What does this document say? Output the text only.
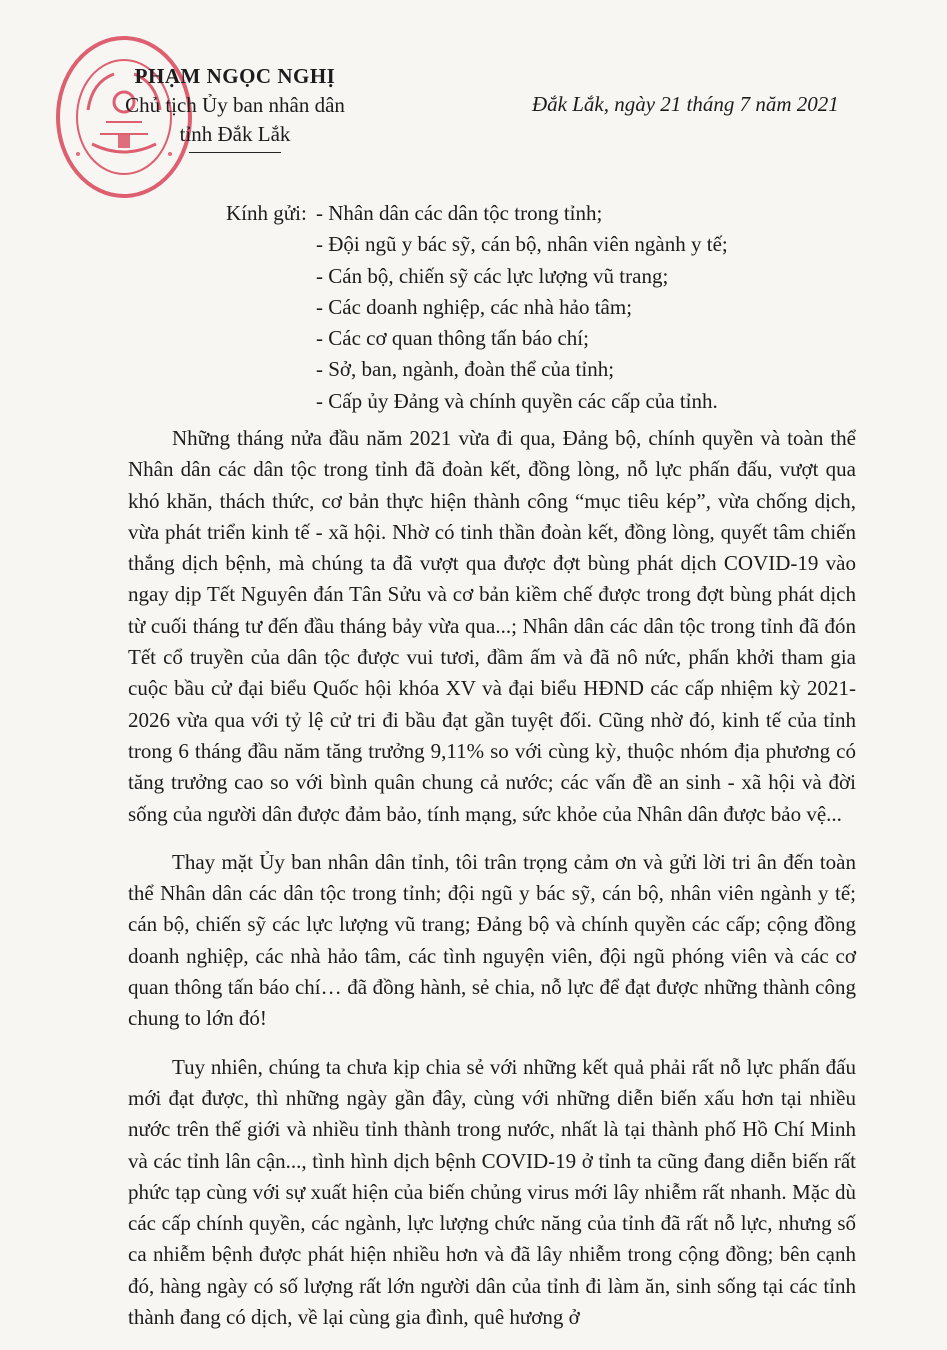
PHẠM NGỌC NGHỊ
Chủ tịch Ủy ban nhân dân
tỉnh Đắk Lắk
Đắk Lắk, ngày 21 tháng 7 năm 2021
Kính gửi: - Nhân dân các dân tộc trong tỉnh;
- Đội ngũ y bác sỹ, cán bộ, nhân viên ngành y tế;
- Cán bộ, chiến sỹ các lực lượng vũ trang;
- Các doanh nghiệp, các nhà hảo tâm;
- Các cơ quan thông tấn báo chí;
- Sở, ban, ngành, đoàn thể của tỉnh;
- Cấp ủy Đảng và chính quyền các cấp của tỉnh.

Những tháng nửa đầu năm 2021 vừa đi qua, Đảng bộ, chính quyền và toàn thể Nhân dân các dân tộc trong tỉnh đã đoàn kết, đồng lòng, nỗ lực phấn đấu, vượt qua khó khăn, thách thức, cơ bản thực hiện thành công “mục tiêu kép”, vừa chống dịch, vừa phát triển kinh tế - xã hội. Nhờ có tinh thần đoàn kết, đồng lòng, quyết tâm chiến thắng dịch bệnh, mà chúng ta đã vượt qua được đợt bùng phát dịch COVID-19 vào ngay dịp Tết Nguyên đán Tân Sửu và cơ bản kiềm chế được trong đợt bùng phát dịch từ cuối tháng tư đến đầu tháng bảy vừa qua...; Nhân dân các dân tộc trong tỉnh đã đón Tết cổ truyền của dân tộc được vui tươi, đầm ấm và đã nô nức, phấn khởi tham gia cuộc bầu cử đại biểu Quốc hội khóa XV và đại biểu HĐND các cấp nhiệm kỳ 2021-2026 vừa qua với tỷ lệ cử tri đi bầu đạt gần tuyệt đối. Cũng nhờ đó, kinh tế của tỉnh trong 6 tháng đầu năm tăng trưởng 9,11% so với cùng kỳ, thuộc nhóm địa phương có tăng trưởng cao so với bình quân chung cả nước; các vấn đề an sinh - xã hội và đời sống của người dân được đảm bảo, tính mạng, sức khỏe của Nhân dân được bảo vệ...

Thay mặt Ủy ban nhân dân tỉnh, tôi trân trọng cảm ơn và gửi lời tri ân đến toàn thể Nhân dân các dân tộc trong tỉnh; đội ngũ y bác sỹ, cán bộ, nhân viên ngành y tế; cán bộ, chiến sỹ các lực lượng vũ trang; Đảng bộ và chính quyền các cấp; cộng đồng doanh nghiệp, các nhà hảo tâm, các tình nguyện viên, đội ngũ phóng viên và các cơ quan thông tấn báo chí… đã đồng hành, sẻ chia, nỗ lực để đạt được những thành công chung to lớn đó!

Tuy nhiên, chúng ta chưa kịp chia sẻ với những kết quả phải rất nỗ lực phấn đấu mới đạt được, thì những ngày gần đây, cùng với những diễn biến xấu hơn tại nhiều nước trên thế giới và nhiều tỉnh thành trong nước, nhất là tại thành phố Hồ Chí Minh và các tỉnh lân cận..., tình hình dịch bệnh COVID-19 ở tỉnh ta cũng đang diễn biến rất phức tạp cùng với sự xuất hiện của biến chủng virus mới lây nhiễm rất nhanh. Mặc dù các cấp chính quyền, các ngành, lực lượng chức năng của tỉnh đã rất nỗ lực, nhưng số ca nhiễm bệnh được phát hiện nhiều hơn và đã lây nhiễm trong cộng đồng; bên cạnh đó, hàng ngày có số lượng rất lớn người dân của tỉnh đi làm ăn, sinh sống tại các tỉnh thành đang có dịch, về lại cùng gia đình, quê hương ở
